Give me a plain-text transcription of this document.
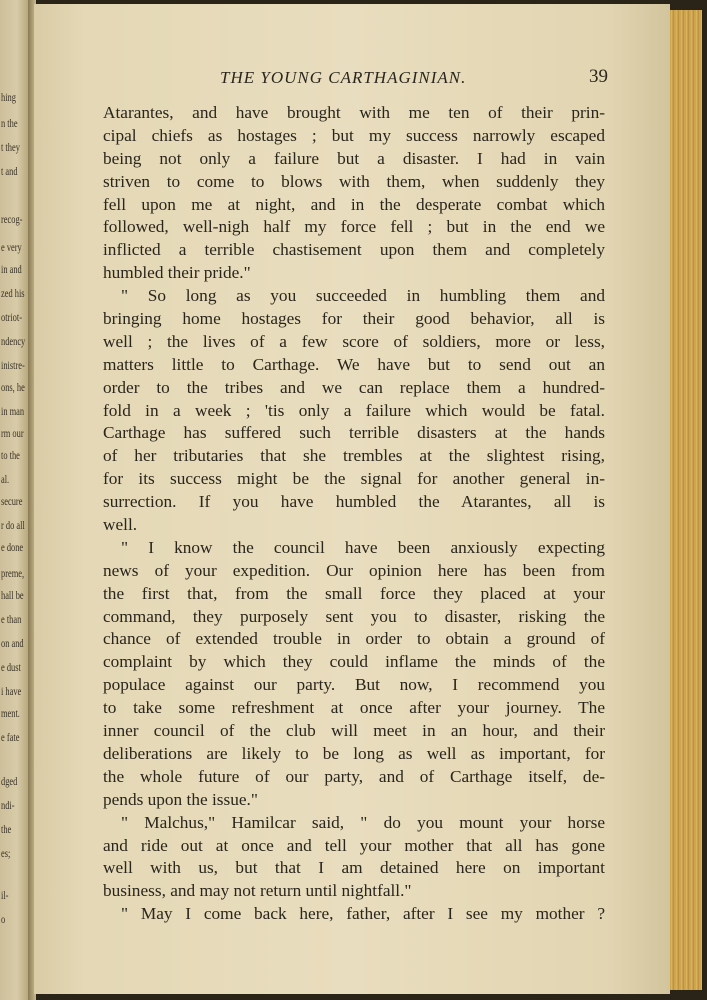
hing
n the
t they
t and
recog-
e very
in and
zed his
otriot-
ndency
inistre-
ons, he
in man
rm our
to the
al.
secure
r do all
e done
preme,
hall be
e than
on and
e dust
i have
ment.
e fate
dged
ndi-
the
es;
il-
o
THE YOUNG CARTHAGINIAN.	39
Atarantes, and have brought with me ten of their prin-
cipal chiefs as hostages ; but my success narrowly escaped
being not only a failure but a disaster. I had in vain
striven to come to blows with them, when suddenly they
fell upon me at night, and in the desperate combat which
followed, well-nigh half my force fell ; but in the end we
inflicted a terrible chastisement upon them and completely
humbled their pride."
" So long as you succeeded in humbling them and
bringing home hostages for their good behavior, all is
well ; the lives of a few score of soldiers, more or less,
matters little to Carthage. We have but to send out an
order to the tribes and we can replace them a hundred-
fold in a week ; 'tis only a failure which would be fatal.
Carthage has suffered such terrible disasters at the hands
of her tributaries that she trembles at the slightest rising,
for its success might be the signal for another general in-
surrection. If you have humbled the Atarantes, all is
well.
" I know the council have been anxiously expecting
news of your expedition. Our opinion here has been from
the first that, from the small force they placed at your
command, they purposely sent you to disaster, risking the
chance of extended trouble in order to obtain a ground of
complaint by which they could inflame the minds of the
populace against our party. But now, I recommend you
to take some refreshment at once after your journey. The
inner council of the club will meet in an hour, and their
deliberations are likely to be long as well as important, for
the whole future of our party, and of Carthage itself, de-
pends upon the issue."
" Malchus," Hamilcar said, " do you mount your horse
and ride out at once and tell your mother that all has gone
well with us, but that I am detained here on important
business, and may not return until nightfall."
" May I come back here, father, after I see my mother ?
